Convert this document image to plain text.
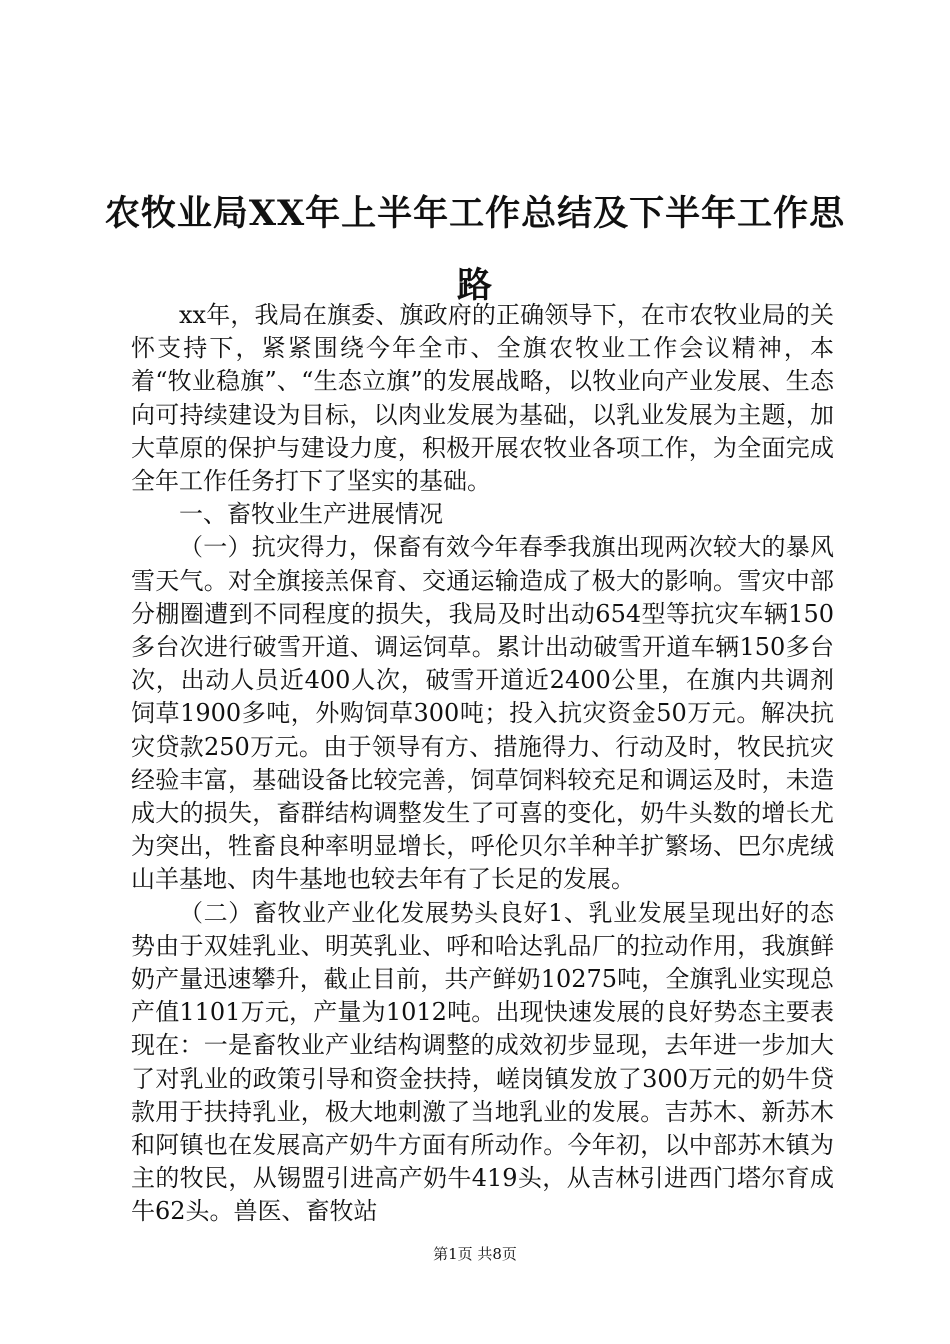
农牧业局XX年上半年工作总结及下半年工作思路

xx年，我局在旗委、旗政府的正确领导下，在市农牧业局的关怀支持下，紧紧围绕今年全市、全旗农牧业工作会议精神，本着“牧业稳旗”、“生态立旗”的发展战略，以牧业向产业发展、生态向可持续建设为目标，以肉业发展为基础，以乳业发展为主题，加大草原的保护与建设力度，积极开展农牧业各项工作，为全面完成全年工作任务打下了坚实的基础。

一、畜牧业生产进展情况

（一）抗灾得力，保畜有效今年春季我旗出现两次较大的暴风雪天气。对全旗接羔保育、交通运输造成了极大的影响。雪灾中部分棚圈遭到不同程度的损失，我局及时出动654型等抗灾车辆150多台次进行破雪开道、调运饲草。累计出动破雪开道车辆150多台次，出动人员近400人次，破雪开道近2400公里，在旗内共调剂饲草1900多吨，外购饲草300吨；投入抗灾资金50万元。解决抗灾贷款250万元。由于领导有方、措施得力、行动及时，牧民抗灾经验丰富，基础设备比较完善，饲草饲料较充足和调运及时，未造成大的损失，畜群结构调整发生了可喜的变化，奶牛头数的增长尤为突出，牲畜良种率明显增长，呼伦贝尔羊种羊扩繁场、巴尔虎绒山羊基地、肉牛基地也较去年有了长足的发展。

（二）畜牧业产业化发展势头良好1、乳业发展呈现出好的态势由于双娃乳业、明英乳业、呼和哈达乳品厂的拉动作用，我旗鲜奶产量迅速攀升，截止目前，共产鲜奶10275吨，全旗乳业实现总产值1101万元，产量为1012吨。出现快速发展的良好势态主要表现在：一是畜牧业产业结构调整的成效初步显现，去年进一步加大了对乳业的政策引导和资金扶持，嵯岗镇发放了300万元的奶牛贷款用于扶持乳业，极大地刺激了当地乳业的发展。吉苏木、新苏木和阿镇也在发展高产奶牛方面有所动作。今年初，以中部苏木镇为主的牧民，从锡盟引进高产奶牛419头，从吉林引进西门塔尔育成牛62头。兽医、畜牧站

第1页 共8页
